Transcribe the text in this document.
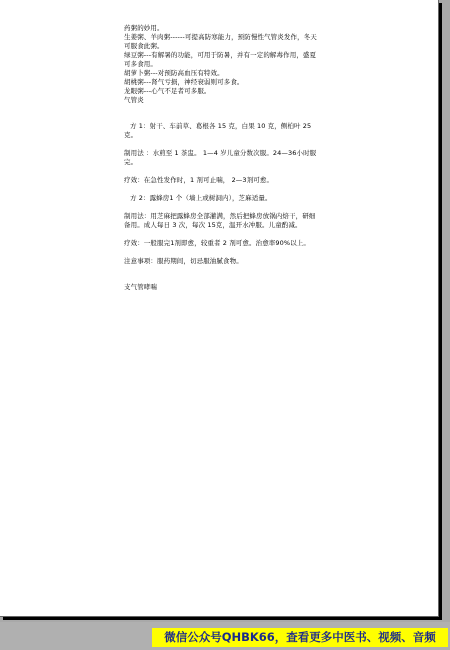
药粥的妙用。

生姜粥、羊肉粥------可提高防寒能力，预防慢性气管炎发作，冬天可服食此粥。

绿豆粥---有解暑的功能，可用于防暑，并有一定的解毒作用，盛夏可多食用。

胡萝卜粥---对预防高血压有特效。

胡桃粥---肾气亏损，神经衰弱则可多食。

龙眼粥---心气不足者可多服。

气管炎

方 1：射干、车前草、葛根各 15 克，白果 10 克，侧柏叶 25克。

制用法 ：水煎至 1 茶盅。 1—4 岁儿童分数次服。24—36小时服完。

疗效：在急性发作时，1 剂可止喘， 2—3剂可愈。

方 2：露蜂房1 个（墙上或树洞内），芝麻适量。

制用法：用芝麻把露蜂房全部灌满，然后把蜂房放锅内焙干，研细备用。成人每日 3 次，每次 15克，温开水冲服。儿童酌减。

疗效：一般服完1剂即愈，较重者 2 剂可愈。治愈率90%以上。

注意事项：服药期间，切忌服油腻食物。

支气管哮喘

微信公众号QHBK66，查看更多中医书、视频、音频
